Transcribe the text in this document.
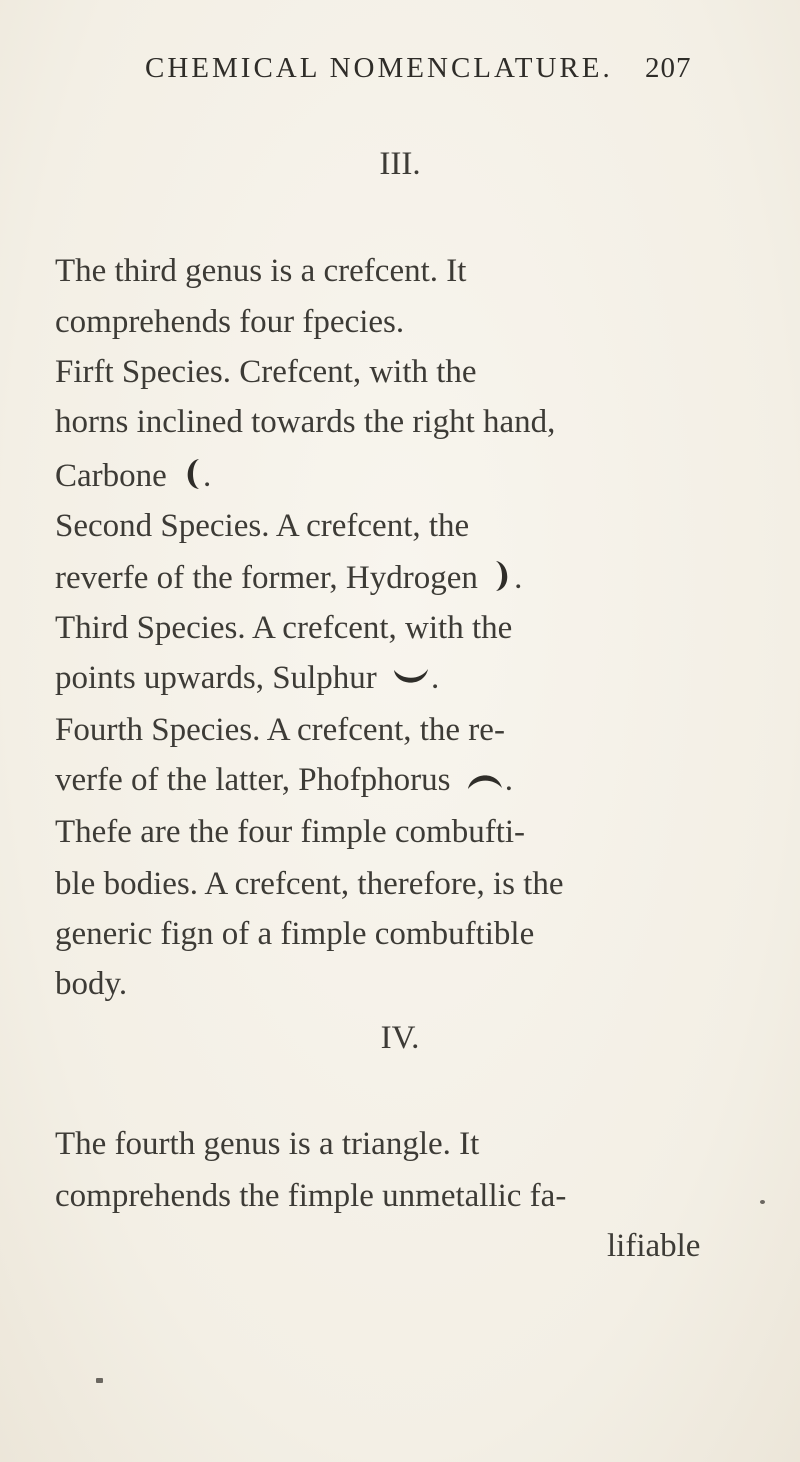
CHEMICAL NOMENCLATURE. 207
III.
The third genus is a crefcent. It
comprehends four fpecies.
Firft Species. Crefcent, with the
horns inclined towards the right hand,
Carbone .
Second Species. A crefcent, the
reverfe of the former, Hydrogen .
Third Species. A crefcent, with the
points upwards, Sulphur .
Fourth Species. A crefcent, the re-
verfe of the latter, Phofphorus .
Thefe are the four fimple combufti-
ble bodies. A crefcent, therefore, is the
generic fign of a fimple combuftible
body.
IV.
The fourth genus is a triangle. It
comprehends the fimple unmetallic fa-
lifiable
